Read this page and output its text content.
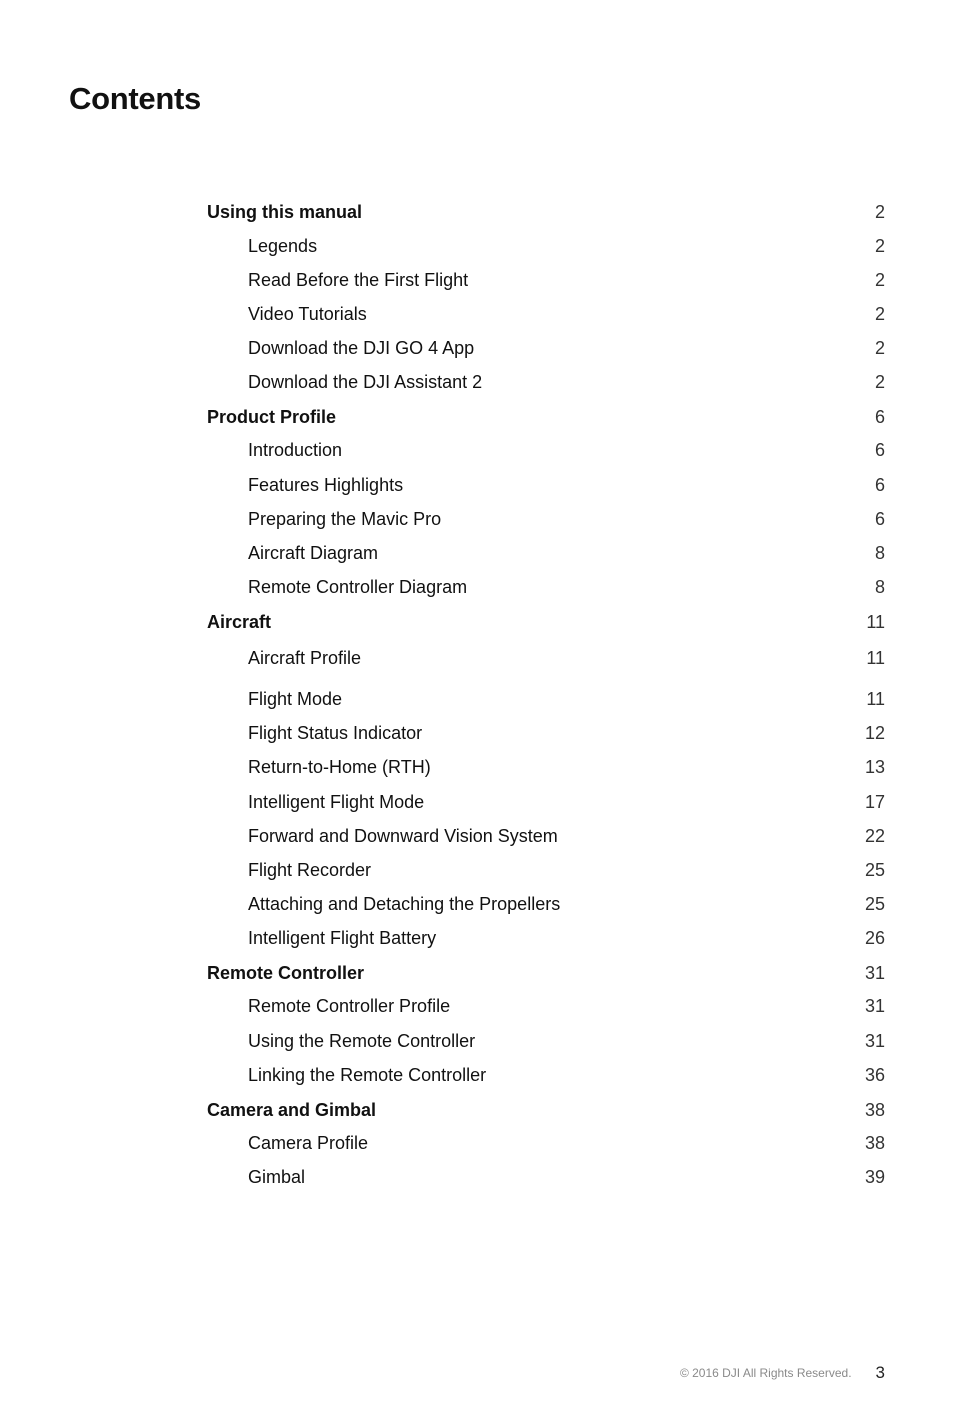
Contents
Using this manual	2
Legends	2
Read Before the First Flight	2
Video Tutorials	2
Download the DJI GO 4 App	2
Download the DJI Assistant 2	2
Product Profile	6
Introduction	6
Features Highlights	6
Preparing the Mavic Pro	6
Aircraft Diagram	8
Remote Controller Diagram	8
Aircraft	11
Aircraft Profile	11
Flight Mode	11
Flight Status Indicator	12
Return-to-Home (RTH)	13
Intelligent Flight Mode	17
Forward and Downward Vision System	22
Flight Recorder	25
Attaching and Detaching the Propellers	25
Intelligent Flight Battery	26
Remote Controller	31
Remote Controller Profile	31
Using the Remote Controller	31
Linking the Remote Controller	36
Camera and Gimbal	38
Camera Profile	38
Gimbal	39
© 2016 DJI All Rights Reserved. 3
